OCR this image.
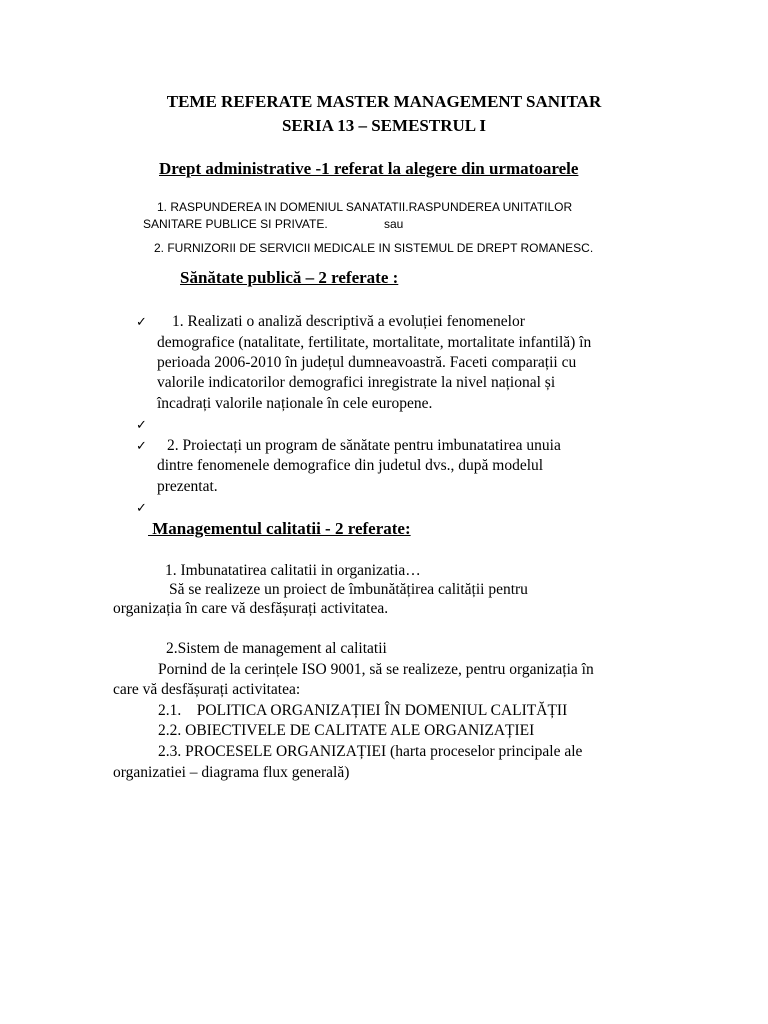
TEME REFERATE MASTER MANAGEMENT SANITAR
SERIA 13 – SEMESTRUL I
Drept administrative -1 referat la alegere din urmatoarele
1. RASPUNDEREA IN DOMENIUL SANATATII.RASPUNDEREA UNITATILOR
SANITARE PUBLICE SI PRIVATE.	sau
2. FURNIZORII DE SERVICII MEDICALE IN SISTEMUL DE DREPT ROMANESC.
Sănătate publică – 2 referate :
✓ 1. Realizati o analiză descriptivă a evoluției fenomenelor
demografice (natalitate, fertilitate, mortalitate, mortalitate infantilă) în
perioada 2006-2010 în județul dumneavoastră. Faceti comparații cu
valorile indicatorilor demografici inregistrate la nivel național și
încadrați valorile naționale în cele europene.
✓
✓ 2. Proiectați un program de sănătate pentru imbunatatirea unuia
dintre fenomenele demografice din judetul dvs., după modelul
prezentat.
✓
Managementul calitatii - 2 referate:
1. Imbunatatirea calitatii in organizatia…
Să se realizeze un proiect de îmbunătățirea calității pentru
organizația în care vă desfășurați activitatea.
2.Sistem de management al calitatii
Pornind de la cerințele ISO 9001, să se realizeze, pentru organizația în
care vă desfășurați activitatea:
2.1.    POLITICA ORGANIZAȚIEI ÎN DOMENIUL CALITĂȚII
2.2. OBIECTIVELE DE CALITATE ALE ORGANIZAȚIEI
2.3. PROCESELE ORGANIZAȚIEI (harta proceselor principale ale
organizatiei – diagrama flux generală)
